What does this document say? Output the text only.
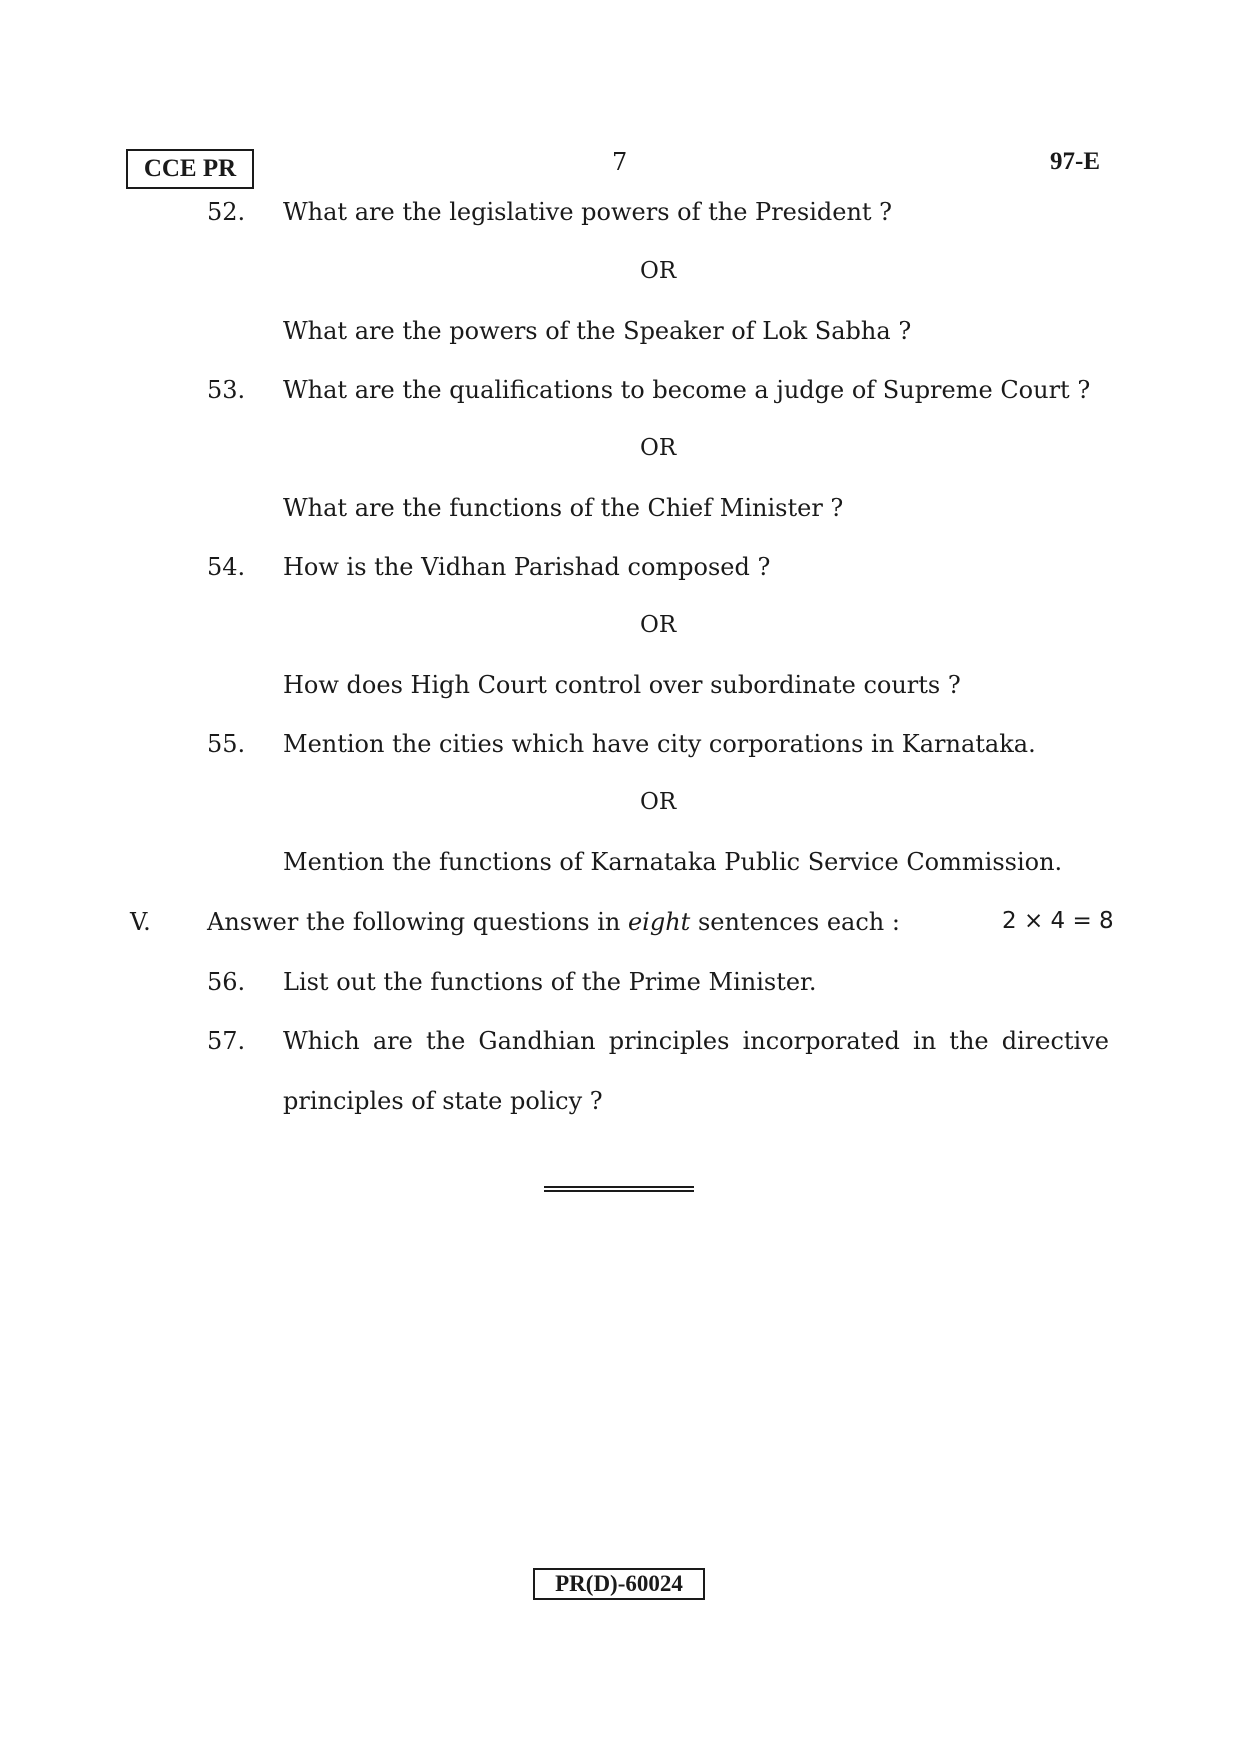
CCE PR	7	97-E
52.	What are the legislative powers of the President ?
OR
What are the powers of the Speaker of Lok Sabha ?
53.	What are the qualifications to become a judge of Supreme Court ?
OR
What are the functions of the Chief Minister ?
54.	How is the Vidhan Parishad composed ?
OR
How does High Court control over subordinate courts ?
55.	Mention the cities which have city corporations in Karnataka.
OR
Mention the functions of Karnataka Public Service Commission.
V.	Answer the following questions in eight sentences each :	2 × 4 = 8
56.	List out the functions of the Prime Minister.
57.	Which are the Gandhian principles incorporated in the directive
principles of state policy ?
PR(D)-60024
